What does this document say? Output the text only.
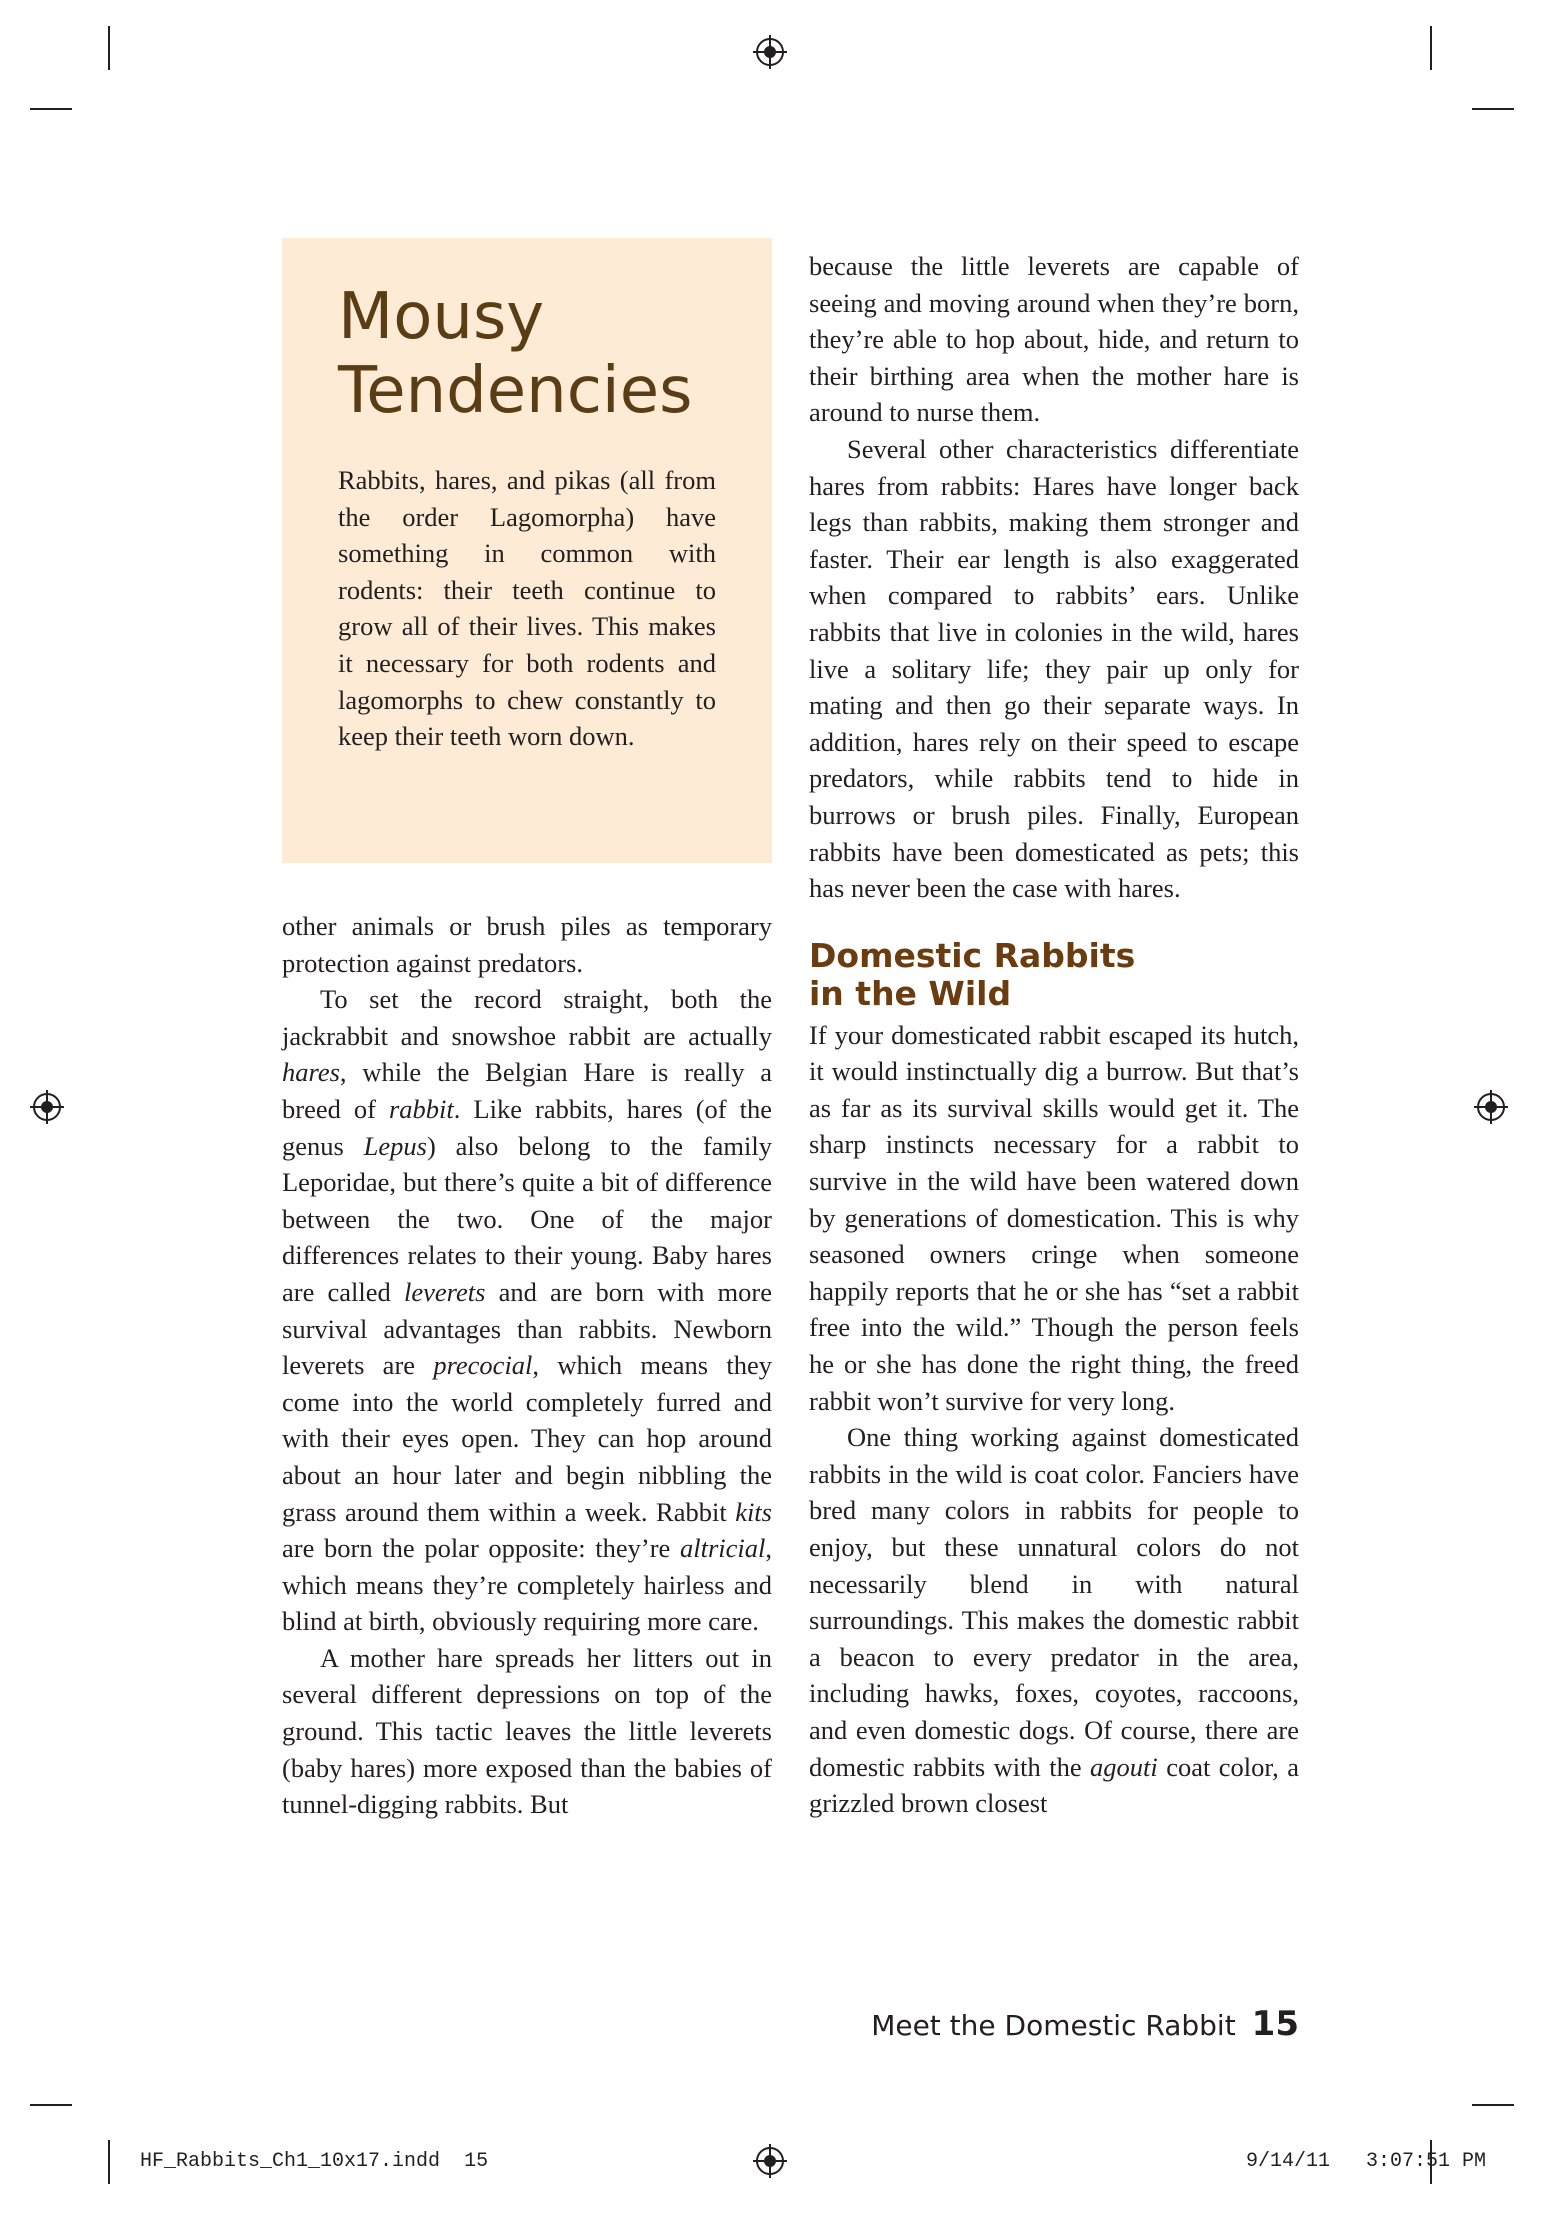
Mousy
Tendencies

Rabbits, hares, and pikas (all from the order Lagomorpha) have something in common with rodents: their teeth continue to grow all of their lives. This makes it necessary for both rodents and lagomorphs to chew constantly to keep their teeth worn down.

other animals or brush piles as temporary protection against predators.

To set the record straight, both the jackrabbit and snowshoe rabbit are actually hares, while the Belgian Hare is really a breed of rabbit. Like rabbits, hares (of the genus Lepus) also belong to the family Leporidae, but there’s quite a bit of difference between the two. One of the major differences relates to their young. Baby hares are called leverets and are born with more survival advantages than rabbits. Newborn leverets are precocial, which means they come into the world completely furred and with their eyes open. They can hop around about an hour later and begin nibbling the grass around them within a week. Rabbit kits are born the polar opposite: they’re altricial, which means they’re completely hairless and blind at birth, obviously requiring more care.

A mother hare spreads her litters out in several different depressions on top of the ground. This tactic leaves the little leverets (baby hares) more exposed than the babies of tunnel-digging rabbits. But

because the little leverets are capable of seeing and moving around when they’re born, they’re able to hop about, hide, and return to their birthing area when the mother hare is around to nurse them.

Several other characteristics differentiate hares from rabbits: Hares have longer back legs than rabbits, making them stronger and faster. Their ear length is also exaggerated when compared to rabbits’ ears. Unlike rabbits that live in colonies in the wild, hares live a solitary life; they pair up only for mating and then go their separate ways. In addition, hares rely on their speed to escape predators, while rabbits tend to hide in burrows or brush piles. Finally, European rabbits have been domesticated as pets; this has never been the case with hares.

Domestic Rabbits
in the Wild

If your domesticated rabbit escaped its hutch, it would instinctually dig a burrow. But that’s as far as its survival skills would get it. The sharp instincts necessary for a rabbit to survive in the wild have been watered down by generations of domestication. This is why seasoned owners cringe when someone happily reports that he or she has “set a rabbit free into the wild.” Though the person feels he or she has done the right thing, the freed rabbit won’t survive for very long.

One thing working against domesticated rabbits in the wild is coat color. Fanciers have bred many colors in rabbits for people to enjoy, but these unnatural colors do not necessarily blend in with natural surroundings. This makes the domestic rabbit a beacon to every predator in the area, including hawks, foxes, coyotes, raccoons, and even domestic dogs. Of course, there are domestic rabbits with the agouti coat color, a grizzled brown closest

Meet the Domestic Rabbit 15
HF_Rabbits_Ch1_10x17.indd 15	9/14/11 3:07:51 PM
